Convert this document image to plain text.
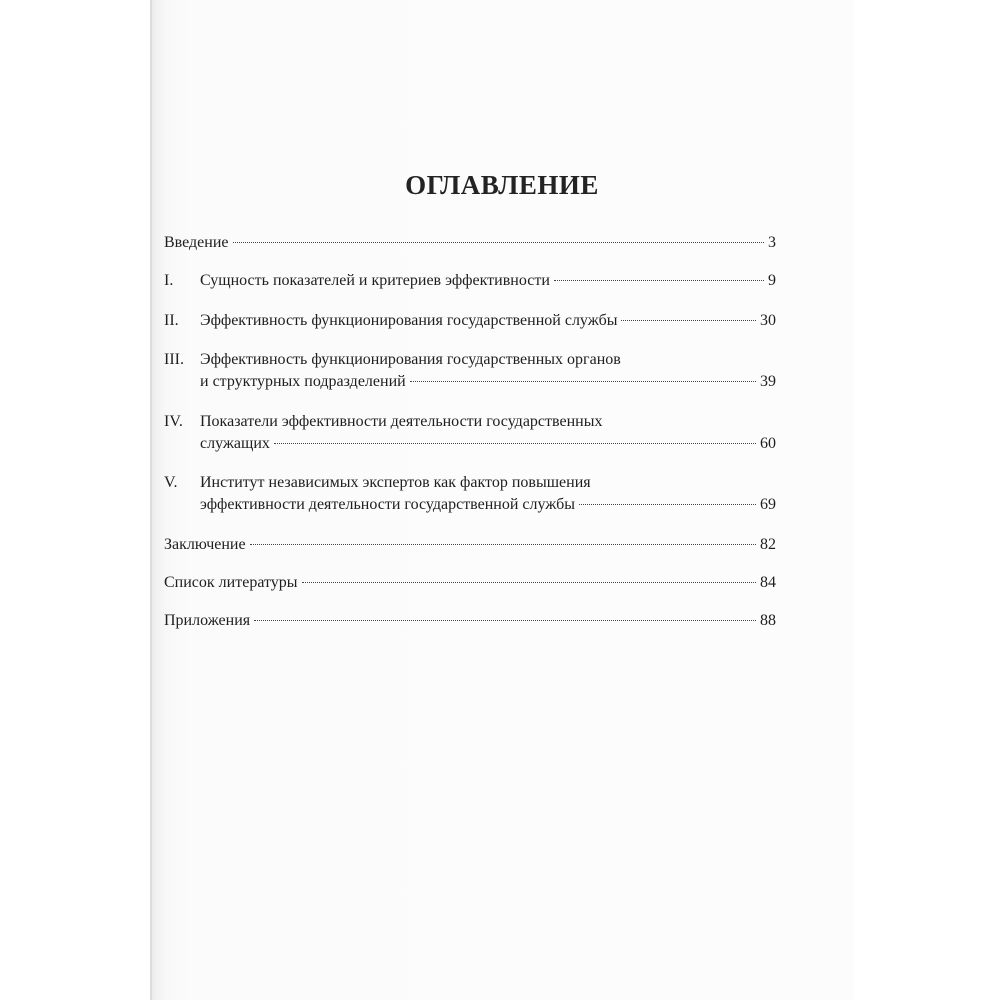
ОГЛАВЛЕНИЕ
Введение	3
I.	Сущность показателей и критериев эффективности	9
II.	Эффективность функционирования государственной службы	30
III.	Эффективность функционирования государственных органов
и структурных подразделений	39
IV.	Показатели эффективности деятельности государственных
служащих	60
V.	Институт независимых экспертов как фактор повышения
эффективности деятельности государственной службы	69
Заключение	82
Список литературы	84
Приложения	88
